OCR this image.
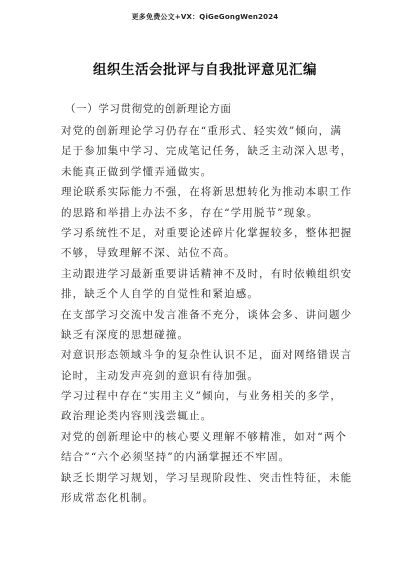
更多免费公文+VX：QiGeGongWen2024
组织生活会批评与自我批评意见汇编
（一）学习贯彻党的创新理论方面
对党的创新理论学习仍存在“重形式、轻实效”倾向，满
足于参加集中学习、完成笔记任务，缺乏主动深入思考，
未能真正做到学懂弄通做实。
理论联系实际能力不强，在将新思想转化为推动本职工作
的思路和举措上办法不多，存在“学用脱节”现象。
学习系统性不足，对重要论述碎片化掌握较多，整体把握
不够，导致理解不深、站位不高。
主动跟进学习最新重要讲话精神不及时，有时依赖组织安
排，缺乏个人自学的自觉性和紧迫感。
在支部学习交流中发言准备不充分，谈体会多、讲问题少
缺乏有深度的思想碰撞。
对意识形态领域斗争的复杂性认识不足，面对网络错误言
论时，主动发声亮剑的意识有待加强。
学习过程中存在“实用主义”倾向，与业务相关的多学，
政治理论类内容则浅尝辄止。
对党的创新理论中的核心要义理解不够精准，如对“两个
结合”“六个必须坚持”的内涵掌握还不牢固。
缺乏长期学习规划，学习呈现阶段性、突击性特征，未能
形成常态化机制。
